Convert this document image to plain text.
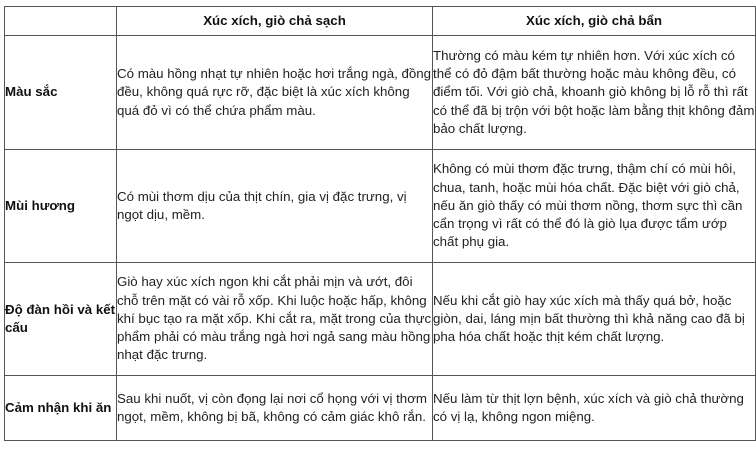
	Xúc xích, giò chả sạch	Xúc xích, giò chả bẩn
Màu sắc	Có màu hồng nhạt tự nhiên hoặc hơi trắng ngà, đồng đều, không quá rực rỡ, đặc biệt là xúc xích không quá đỏ vì có thể chứa phẩm màu.	Thường có màu kém tự nhiên hơn. Với xúc xích có thể có đỏ đậm bất thường hoặc màu không đều, có điểm tối. Với giò chả, khoanh giò không bị lỗ rỗ thì rất có thể đã bị trộn với bột hoặc làm bằng thịt không đảm bảo chất lượng.
Mùi hương	Có mùi thơm dịu của thịt chín, gia vị đặc trưng, vị ngọt dịu, mềm.	Không có mùi thơm đặc trưng, thậm chí có mùi hôi, chua, tanh, hoặc mùi hóa chất. Đặc biệt với giò chả, nếu ăn giò thấy có mùi thơm nồng, thơm sực thì cần cẩn trọng vì rất có thể đó là giò lụa được tẩm ướp chất phụ gia.
Độ đàn hồi và kết cấu	Giò hay xúc xích ngon khi cắt phải mịn và ướt, đôi chỗ trên mặt có vài rỗ xốp. Khi luộc hoặc hấp, không khí bục tạo ra mặt xốp. Khi cắt ra, mặt trong của thực phẩm phải có màu trắng ngà hơi ngả sang màu hồng nhạt đặc trưng.	Nếu khi cắt giò hay xúc xích mà thấy quá bở, hoặc giòn, dai, láng mịn bất thường thì khả năng cao đã bị pha hóa chất hoặc thịt kém chất lượng.
Cảm nhận khi ăn	Sau khi nuốt, vị còn đọng lại nơi cổ họng với vị thơm ngọt, mềm, không bị bã, không có cảm giác khô rắn.	Nếu làm từ thịt lợn bệnh, xúc xích và giò chả thường có vị lạ, không ngon miệng.
